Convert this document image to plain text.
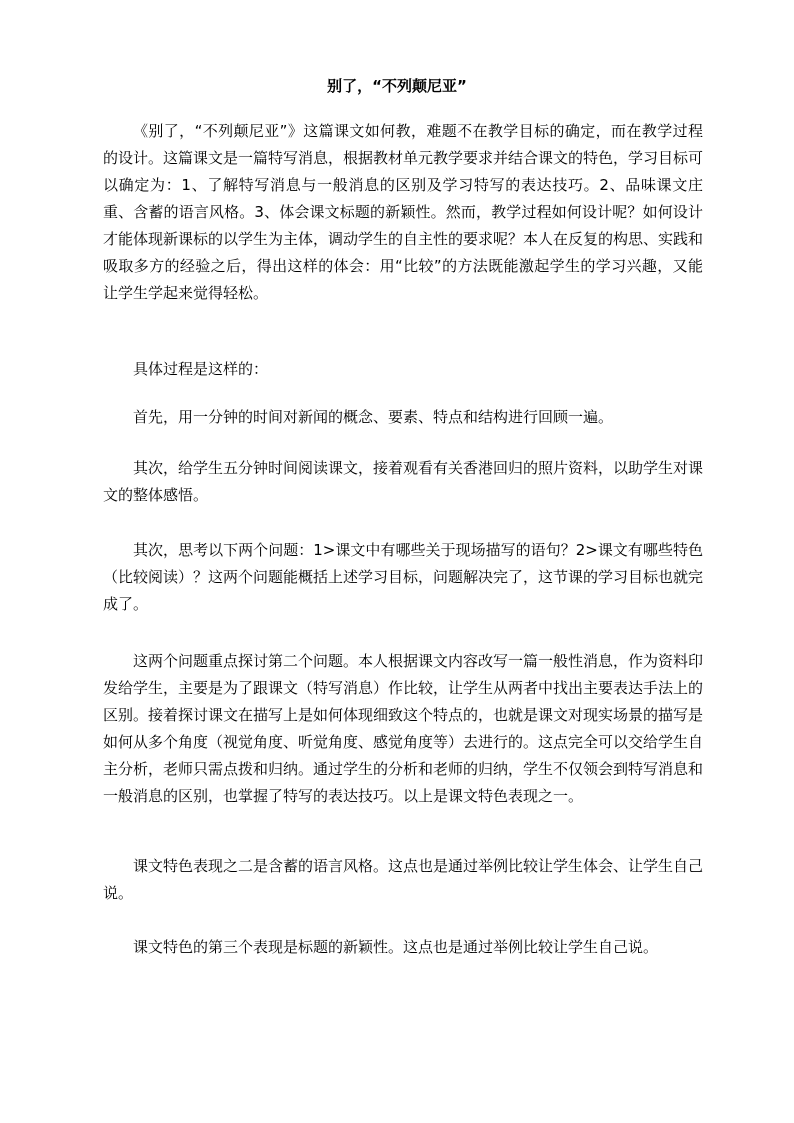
别了，“不列颠尼亚”

《别了，“不列颠尼亚”》这篇课文如何教，难题不在教学目标的确定，而在教学过程的设计。这篇课文是一篇特写消息，根据教材单元教学要求并结合课文的特色，学习目标可以确定为：1、了解特写消息与一般消息的区别及学习特写的表达技巧。2、品味课文庄重、含蓄的语言风格。3、体会课文标题的新颖性。然而，教学过程如何设计呢？如何设计才能体现新课标的以学生为主体，调动学生的自主性的要求呢？本人在反复的构思、实践和吸取多方的经验之后，得出这样的体会：用“比较”的方法既能激起学生的学习兴趣，又能让学生学起来觉得轻松。

具体过程是这样的：

首先，用一分钟的时间对新闻的概念、要素、特点和结构进行回顾一遍。

其次，给学生五分钟时间阅读课文，接着观看有关香港回归的照片资料，以助学生对课文的整体感悟。

其次，思考以下两个问题：1>课文中有哪些关于现场描写的语句？2>课文有哪些特色（比较阅读）？这两个问题能概括上述学习目标，问题解决完了，这节课的学习目标也就完成了。

这两个问题重点探讨第二个问题。本人根据课文内容改写一篇一般性消息，作为资料印发给学生，主要是为了跟课文（特写消息）作比较，让学生从两者中找出主要表达手法上的区别。接着探讨课文在描写上是如何体现细致这个特点的，也就是课文对现实场景的描写是如何从多个角度（视觉角度、听觉角度、感觉角度等）去进行的。这点完全可以交给学生自主分析，老师只需点拨和归纳。通过学生的分析和老师的归纳，学生不仅领会到特写消息和一般消息的区别，也掌握了特写的表达技巧。以上是课文特色表现之一。

课文特色表现之二是含蓄的语言风格。这点也是通过举例比较让学生体会、让学生自己说。

课文特色的第三个表现是标题的新颖性。这点也是通过举例比较让学生自己说。
